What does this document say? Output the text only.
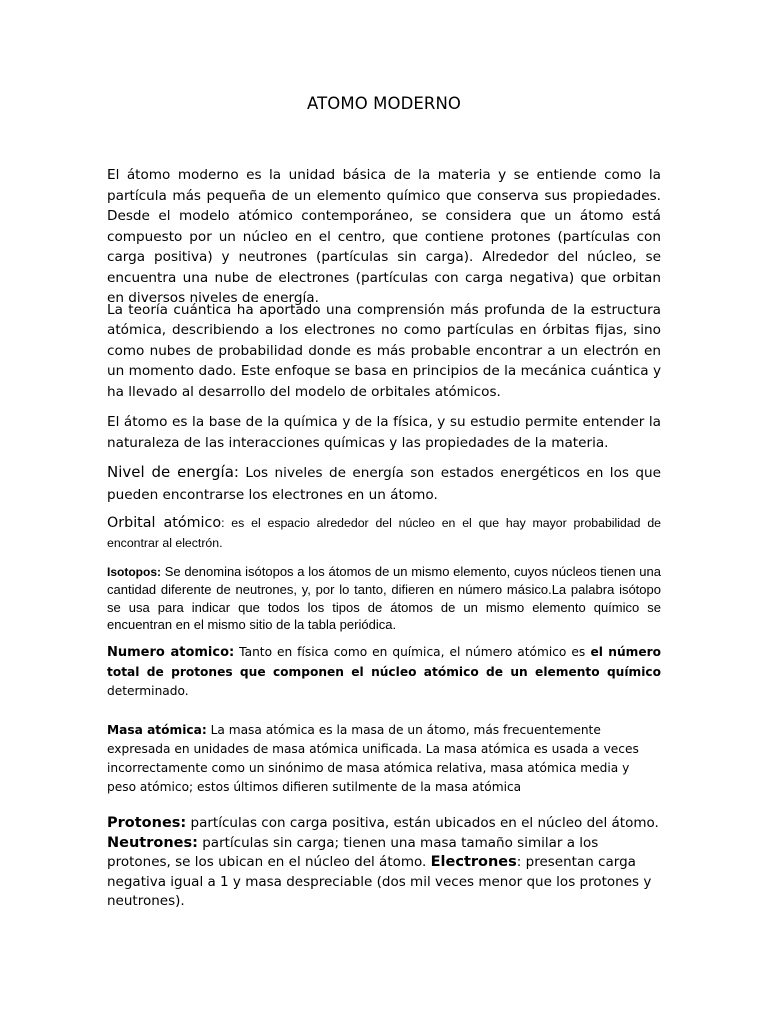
ATOMO MODERNO

El átomo moderno es la unidad básica de la materia y se entiende como la partícula más pequeña de un elemento químico que conserva sus propiedades. Desde el modelo atómico contemporáneo, se considera que un átomo está compuesto por un núcleo en el centro, que contiene protones (partículas con carga positiva) y neutrones (partículas sin carga). Alrededor del núcleo, se encuentra una nube de electrones (partículas con carga negativa) que orbitan en diversos niveles de energía.

La teoría cuántica ha aportado una comprensión más profunda de la estructura atómica, describiendo a los electrones no como partículas en órbitas fijas, sino como nubes de probabilidad donde es más probable encontrar a un electrón en un momento dado. Este enfoque se basa en principios de la mecánica cuántica y ha llevado al desarrollo del modelo de orbitales atómicos.

El átomo es la base de la química y de la física, y su estudio permite entender la naturaleza de las interacciones químicas y las propiedades de la materia.

Nivel de energía: Los niveles de energía son estados energéticos en los que pueden encontrarse los electrones en un átomo.

Orbital atómico: es el espacio alrededor del núcleo en el que hay mayor probabilidad de encontrar al electrón.

Isotopos: Se denomina isótopos a los átomos de un mismo elemento, cuyos núcleos tienen una cantidad diferente de neutrones, y, por lo tanto, difieren en número másico.La palabra isótopo se usa para indicar que todos los tipos de átomos de un mismo elemento químico se encuentran en el mismo sitio de la tabla periódica.

Numero atomico: Tanto en física como en química, el número atómico es el número total de protones que componen el núcleo atómico de un elemento químico determinado.

Masa atómica: La masa atómica es la masa de un átomo, más frecuentemente expresada en unidades de masa atómica unificada. La masa atómica es usada a veces incorrectamente como un sinónimo de masa atómica relativa, masa atómica media y peso atómico; estos últimos difieren sutilmente de la masa atómica

Protones: partículas con carga positiva, están ubicados en el núcleo del átomo. Neutrones: partículas sin carga; tienen una masa tamaño similar a los protones, se los ubican en el núcleo del átomo. Electrones: presentan carga negativa igual a 1 y masa despreciable (dos mil veces menor que los protones y neutrones).
